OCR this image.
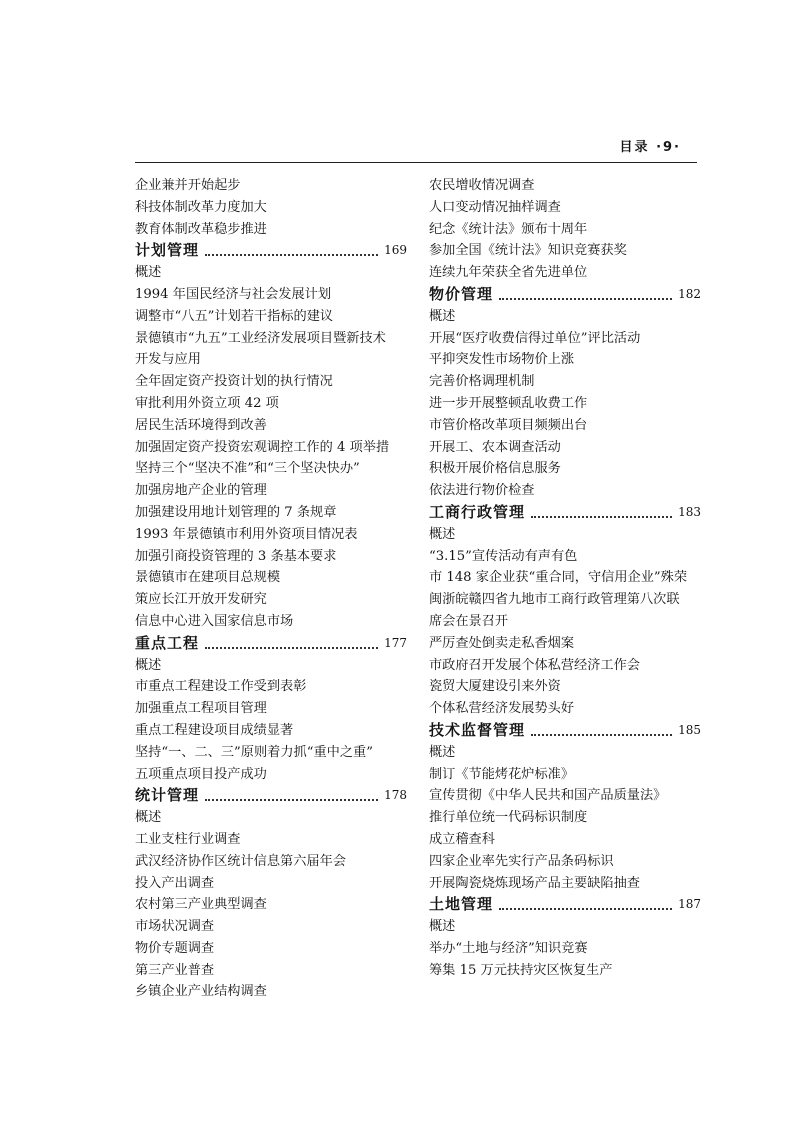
目录 ·9·
企业兼并开始起步
科技体制改革力度加大
教育体制改革稳步推进
计划管理	169
概述
1994 年国民经济与社会发展计划
调整市“八五”计划若干指标的建议
景德镇市“九五”工业经济发展项目暨新技术
开发与应用
全年固定资产投资计划的执行情况
审批利用外资立项 42 项
居民生活环境得到改善
加强固定资产投资宏观调控工作的 4 项举措
坚持三个“坚决不准”和“三个坚决快办”
加强房地产企业的管理
加强建设用地计划管理的 7 条规章
1993 年景德镇市利用外资项目情况表
加强引商投资管理的 3 条基本要求
景德镇市在建项目总规模
策应长江开放开发研究
信息中心进入国家信息市场
重点工程	177
概述
市重点工程建设工作受到表彰
加强重点工程项目管理
重点工程建设项目成绩显著
坚持“一、二、三”原则着力抓“重中之重”
五项重点项目投产成功
统计管理	178
概述
工业支柱行业调查
武汉经济协作区统计信息第六届年会
投入产出调查
农村第三产业典型调查
市场状况调查
物价专题调查
第三产业普查
乡镇企业产业结构调查
农民增收情况调查
人口变动情况抽样调查
纪念《统计法》颁布十周年
参加全国《统计法》知识竞赛获奖
连续九年荣获全省先进单位
物价管理	182
概述
开展“医疗收费信得过单位”评比活动
平抑突发性市场物价上涨
完善价格调理机制
进一步开展整顿乱收费工作
市管价格改革项目频频出台
开展工、农本调查活动
积极开展价格信息服务
依法进行物价检查
工商行政管理	183
概述
“3.15”宣传活动有声有色
市 148 家企业获“重合同，守信用企业”殊荣
闽浙皖赣四省九地市工商行政管理第八次联
席会在景召开
严厉查处倒卖走私香烟案
市政府召开发展个体私营经济工作会
瓷贸大厦建设引来外资
个体私营经济发展势头好
技术监督管理	185
概述
制订《节能烤花炉标准》
宣传贯彻《中华人民共和国产品质量法》
推行单位统一代码标识制度
成立稽查科
四家企业率先实行产品条码标识
开展陶瓷烧炼现场产品主要缺陷抽查
土地管理	187
概述
举办“土地与经济”知识竞赛
筹集 15 万元扶持灾区恢复生产
